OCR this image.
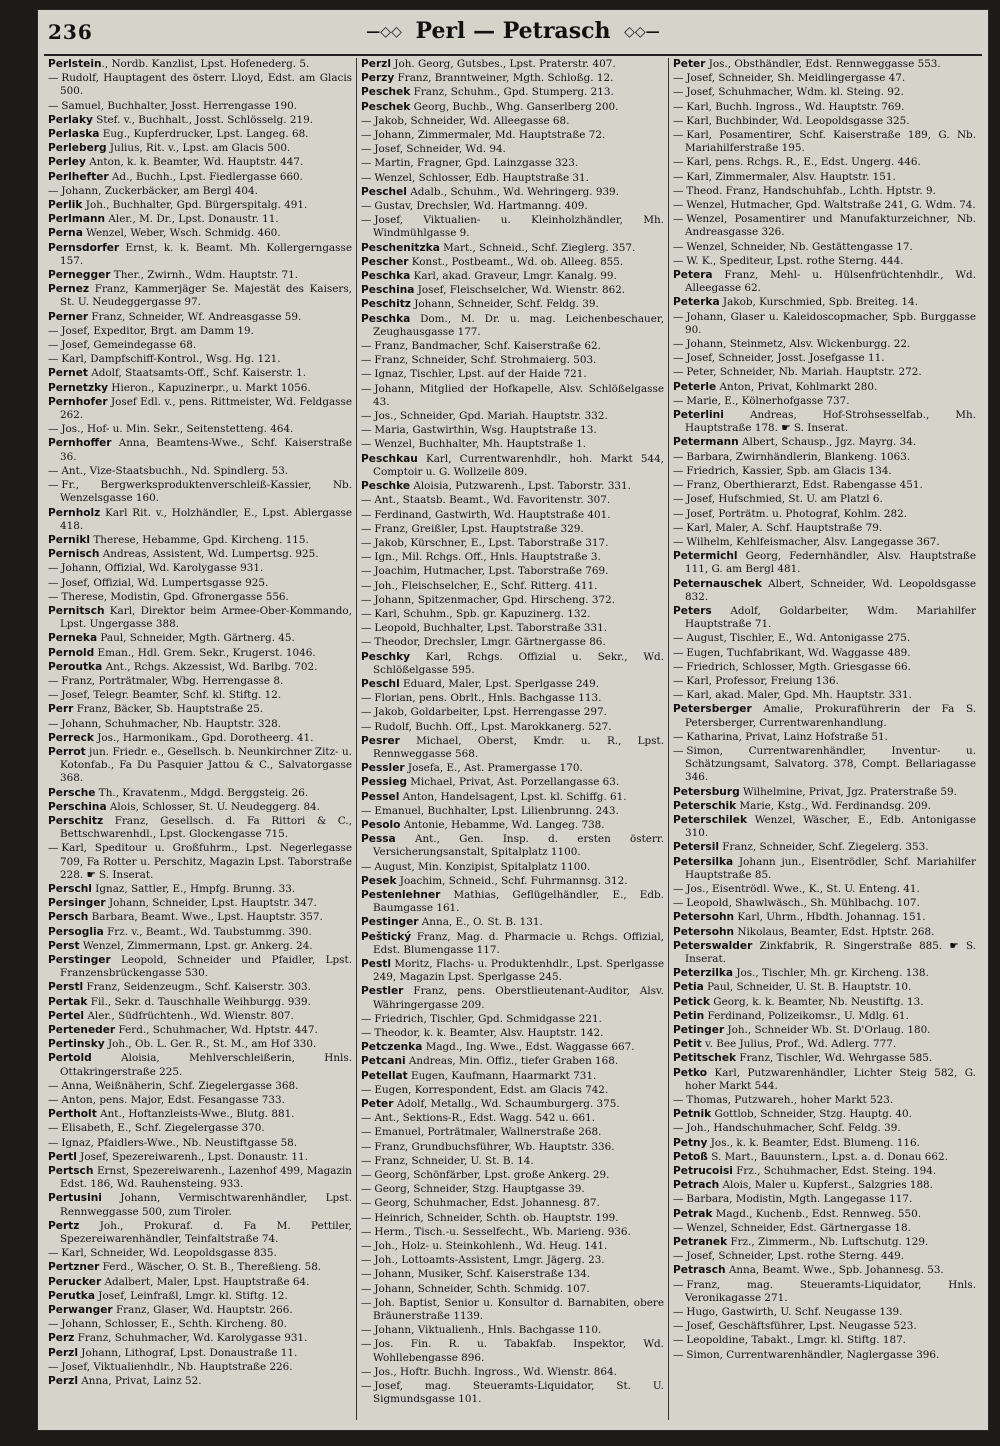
236	—◇◇ Perl — Petrasch ◇◇—
Perlstein., Nordb. Kanzlist, Lpst. Hofenederg. 5.
— Rudolf, Hauptagent des österr. Lloyd, Edst. am Glacis 500.
— Samuel, Buchhalter, Josst. Herrengasse 190.
Perlaky Stef. v., Buchhalt., Josst. Schlösselg. 219.
Perlaska Eug., Kupferdrucker, Lpst. Langeg. 68.
Perleberg Julius, Rit. v., Lpst. am Glacis 500.
Perley Anton, k. k. Beamter, Wd. Hauptstr. 447.
Perlhefter Ad., Buchh., Lpst. Fiedlergasse 660.
— Johann, Zuckerbäcker, am Bergl 404.
Perlik Joh., Buchhalter, Gpd. Bürgerspitalg. 491.
Perlmann Aler., M. Dr., Lpst. Donaustr. 11.
Perna Wenzel, Weber, Wsch. Schmidg. 460.
Pernsdorfer Ernst, k. k. Beamt. Mh. Kollergerngasse 157.
Pernegger Ther., Zwirnh., Wdm. Hauptstr. 71.
Pernez Franz, Kammerjäger Se. Majestät des Kaisers, St. U. Neudeggergasse 97.
Perner Franz, Schneider, Wf. Andreasgasse 59.
— Josef, Expeditor, Brgt. am Damm 19.
— Josef, Gemeindegasse 68.
— Karl, Dampfschiff-Kontrol., Wsg. Hg. 121.
Pernet Adolf, Staatsamts-Off., Schf. Kaiserstr. 1.
Pernetzky Hieron., Kapuzinerpr., u. Markt 1056.
Pernhofer Josef Edl. v., pens. Rittmeister, Wd. Feldgasse 262.
— Jos., Hof- u. Min. Sekr., Seitenstetteng. 464.
Pernhoffer Anna, Beamtens-Wwe., Schf. Kaiserstraße 36.
— Ant., Vize-Staatsbuchh., Nd. Spindlerg. 53.
— Fr., Bergwerksproduktenverschleiß-Kassier, Nb. Wenzelsgasse 160.
Pernholz Karl Rit. v., Holzhändler, E., Lpst. Ablergasse 418.
Pernikl Therese, Hebamme, Gpd. Kircheng. 115.
Pernisch Andreas, Assistent, Wd. Lumpertsg. 925.
— Johann, Offizial, Wd. Karolygasse 931.
— Josef, Offizial, Wd. Lumpertsgasse 925.
— Therese, Modistin, Gpd. Gfronergasse 556.
Pernitsch Karl, Direktor beim Armee-Ober-Kommando, Lpst. Ungergasse 388.
Perneka Paul, Schneider, Mgth. Gärtnerg. 45.
Pernold Eman., Hdl. Grem. Sekr., Krugerst. 1046.
Peroutka Ant., Rchgs. Akzessist, Wd. Barlbg. 702.
— Franz, Porträtmaler, Wbg. Herrengasse 8.
— Josef, Telegr. Beamter, Schf. kl. Stiftg. 12.
Perr Franz, Bäcker, Sb. Hauptstraße 25.
— Johann, Schuhmacher, Nb. Hauptstr. 328.
Perreck Jos., Harmonikam., Gpd. Dorotheerg. 41.
Perrot jun. Friedr. e., Gesellsch. b. Neunkirchner Zitz- u. Kotonfab., Fa Du Pasquier Jattou & C., Salvatorgasse 368.
Persche Th., Kravatenm., Mdgd. Berggsteig. 26.
Perschina Alois, Schlosser, St. U. Neudeggerg. 84.
Perschitz Franz, Gesellsch. d. Fa Rittori & C., Bettschwarenhdl., Lpst. Glockengasse 715.
— Karl, Speditour u. Großfuhrm., Lpst. Negerlegasse 709, Fa Rotter u. Perschitz, Magazin Lpst. Taborstraße 228. ☛ S. Inserat.
Perschl Ignaz, Sattler, E., Hmpfg. Brunng. 33.
Persinger Johann, Schneider, Lpst. Hauptstr. 347.
Persch Barbara, Beamt. Wwe., Lpst. Hauptstr. 357.
Persoglia Frz. v., Beamt., Wd. Taubstummg. 390.
Perst Wenzel, Zimmermann, Lpst. gr. Ankerg. 24.
Perstinger Leopold, Schneider und Pfaidler, Lpst. Franzensbrückengasse 530.
Perstl Franz, Seidenzeugm., Schf. Kaiserstr. 303.
Pertak Fil., Sekr. d. Tauschhalle Weihburgg. 939.
Pertel Aler., Südfrüchtenh., Wd. Wienstr. 807.
Perteneder Ferd., Schuhmacher, Wd. Hptstr. 447.
Pertinsky Joh., Ob. L. Ger. R., St. M., am Hof 330.
Pertold Aloisia, Mehlverschleißerin, Hnls. Ottakringerstraße 225.
— Anna, Weißnäherin, Schf. Ziegelergasse 368.
— Anton, pens. Major, Edst. Fesangasse 733.
Pertholt Ant., Hoftanzleists-Wwe., Blutg. 881.
— Elisabeth, E., Schf. Ziegelergasse 370.
— Ignaz, Pfaidlers-Wwe., Nb. Neustiftgasse 58.
Pertl Josef, Spezereiwarenh., Lpst. Donaustr. 11.
Pertsch Ernst, Spezereiwarenh., Lazenhof 499, Magazin Edst. 186, Wd. Rauhensteing. 933.
Pertusini Johann, Vermischtwarenhändler, Lpst. Rennweggasse 500, zum Tiroler.
Pertz Joh., Prokuraf. d. Fa M. Pettiler, Spezereiwarenhändler, Teinfaltstraße 74.
— Karl, Schneider, Wd. Leopoldsgasse 835.
Pertzner Ferd., Wäscher, O. St. B., Thereßieng. 58.
Perucker Adalbert, Maler, Lpst. Hauptstraße 64.
Perutka Josef, Leinfraßl, Lmgr. kl. Stiftg. 12.
Perwanger Franz, Glaser, Wd. Hauptstr. 266.
— Johann, Schlosser, E., Schth. Kircheng. 80.
Perz Franz, Schuhmacher, Wd. Karolygasse 931.
Perzl Johann, Lithograf, Lpst. Donaustraße 11.
— Josef, Viktualienhdlr., Nb. Hauptstraße 226.
Perzl Anna, Privat, Lainz 52.
Perzl Joh. Georg, Gutsbes., Lpst. Praterstr. 407.
Perzy Franz, Branntweiner, Mgth. Schloßg. 12.
Peschek Franz, Schuhm., Gpd. Stumperg. 213.
Peschek Georg, Buchb., Whg. Ganserlberg 200.
— Jakob, Schneider, Wd. Alleegasse 68.
— Johann, Zimmermaler, Md. Hauptstraße 72.
— Josef, Schneider, Wd. 94.
— Martin, Fragner, Gpd. Lainzgasse 323.
— Wenzel, Schlosser, Edb. Hauptstraße 31.
Peschel Adalb., Schuhm., Wd. Wehringerg. 939.
— Gustav, Drechsler, Wd. Hartmanng. 409.
— Josef, Viktualien- u. Kleinholzhändler, Mh. Windmühlgasse 9.
Peschenitzka Mart., Schneid., Schf. Zieglerg. 357.
Pescher Konst., Postbeamt., Wd. ob. Alleeg. 855.
Peschka Karl, akad. Graveur, Lmgr. Kanalg. 99.
Peschina Josef, Fleischselcher, Wd. Wienstr. 862.
Peschitz Johann, Schneider, Schf. Feldg. 39.
Peschka Dom., M. Dr. u. mag. Leichenbeschauer, Zeughausgasse 177.
— Franz, Bandmacher, Schf. Kaiserstraße 62.
— Franz, Schneider, Schf. Strohmaierg. 503.
— Ignaz, Tischler, Lpst. auf der Haide 721.
— Johann, Mitglied der Hofkapelle, Alsv. Schlößelgasse 43.
— Jos., Schneider, Gpd. Mariah. Hauptstr. 332.
— Maria, Gastwirthin, Wsg. Hauptstraße 13.
— Wenzel, Buchhalter, Mh. Hauptstraße 1.
Peschkau Karl, Currentwarenhdlr., hoh. Markt 544, Comptoir u. G. Wollzeile 809.
Peschke Aloisia, Putzwarenh., Lpst. Taborstr. 331.
— Ant., Staatsb. Beamt., Wd. Favoritenstr. 307.
— Ferdinand, Gastwirth, Wd. Hauptstraße 401.
— Franz, Greißler, Lpst. Hauptstraße 329.
— Jakob, Kürschner, E., Lpst. Taborstraße 317.
— Ign., Mil. Rchgs. Off., Hnls. Hauptstraße 3.
— Joachim, Hutmacher, Lpst. Taborstraße 769.
— Joh., Fleischselcher, E., Schf. Ritterg. 411.
— Johann, Spitzenmacher, Gpd. Hirscheng. 372.
— Karl, Schuhm., Spb. gr. Kapuzinerg. 132.
— Leopold, Buchhalter, Lpst. Taborstraße 331.
— Theodor, Drechsler, Lmgr. Gärtnergasse 86.
Peschky Karl, Rchgs. Offizial u. Sekr., Wd. Schlößelgasse 595.
Peschl Eduard, Maler, Lpst. Sperlgasse 249.
— Florian, pens. Obrlt., Hnls. Bachgasse 113.
— Jakob, Goldarbeiter, Lpst. Herrengasse 297.
— Rudolf, Buchh. Off., Lpst. Marokkanerg. 527.
Pesrer Michael, Oberst, Kmdr. u. R., Lpst. Rennweggasse 568.
Pessler Josefa, E., Ast. Pramergasse 170.
Pessieg Michael, Privat, Ast. Porzellangasse 63.
Pessel Anton, Handelsagent, Lpst. kl. Schiffg. 61.
— Emanuel, Buchhalter, Lpst. Lilienbrunng. 243.
Pesolo Antonie, Hebamme, Wd. Langeg. 738.
Pessa Ant., Gen. Insp. d. ersten österr. Versicherungsanstalt, Spitalplatz 1100.
— August, Min. Konzipist, Spitalplatz 1100.
Pesek Joachim, Schneid., Schf. Fuhrmannsg. 312.
Pestenlehner Mathias, Geflügelhändler, E., Edb. Baumgasse 161.
Pestinger Anna, E., O. St. B. 131.
Peštický Franz, Mag. d. Pharmacie u. Rchgs. Offizial, Edst. Blumengasse 117.
Pestl Moritz, Flachs- u. Produktenhdlr., Lpst. Sperlgasse 249, Magazin Lpst. Sperlgasse 245.
Pestler Franz, pens. Oberstlieutenant-Auditor, Alsv. Währingergasse 209.
— Friedrich, Tischler, Gpd. Schmidgasse 221.
— Theodor, k. k. Beamter, Alsv. Hauptstr. 142.
Petczenka Magd., Ing. Wwe., Edst. Waggasse 667.
Petcani Andreas, Min. Offiz., tiefer Graben 168.
Petellat Eugen, Kaufmann, Haarmarkt 731.
— Eugen, Korrespondent, Edst. am Glacis 742.
Peter Adolf, Metallg., Wd. Schaumburgerg. 375.
— Ant., Sektions-R., Edst. Wagg. 542 u. 661.
— Emanuel, Porträtmaler, Wallnerstraße 268.
— Franz, Grundbuchsführer, Wb. Hauptstr. 336.
— Franz, Schneider, U. St. B. 14.
— Georg, Schönfärber, Lpst. große Ankerg. 29.
— Georg, Schneider, Stzg. Hauptgasse 39.
— Georg, Schuhmacher, Edst. Johannesg. 87.
— Heinrich, Schneider, Schth. ob. Hauptstr. 199.
— Herm., Tisch.-u. Sesselfecht., Wb. Marieng. 936.
— Joh., Holz- u. Steinkohlenh., Wd. Heug. 141.
— Joh., Lottoamts-Assistent, Lmgr. Jägerg. 23.
— Johann, Musiker, Schf. Kaiserstraße 134.
— Johann, Schneider, Schth. Schmidg. 107.
— Joh. Baptist, Senior u. Konsultor d. Barnabiten, obere Bräunerstraße 1139.
— Johann, Viktualienh., Hnls. Bachgasse 110.
— Jos. Fin. R. u. Tabakfab. Inspektor, Wd. Wohllebengasse 896.
— Jos., Hoftr. Buchh. Ingross., Wd. Wienstr. 864.
— Josef, mag. Steueramts-Liquidator, St. U. Sigmundsgasse 101.
Peter Jos., Obsthändler, Edst. Rennweggasse 553.
— Josef, Schneider, Sh. Meidlingergasse 47.
— Josef, Schuhmacher, Wdm. kl. Steing. 92.
— Karl, Buchh. Ingross., Wd. Hauptstr. 769.
— Karl, Buchbinder, Wd. Leopoldsgasse 325.
— Karl, Posamentirer, Schf. Kaiserstraße 189, G. Nb. Mariahilferstraße 195.
— Karl, pens. Rchgs. R., E., Edst. Ungerg. 446.
— Karl, Zimmermaler, Alsv. Hauptstr. 151.
— Theod. Franz, Handschuhfab., Lchth. Hptstr. 9.
— Wenzel, Hutmacher, Gpd. Waltstraße 241, G. Wdm. 74.
— Wenzel, Posamentirer und Manufakturzeichner, Nb. Andreasgasse 326.
— Wenzel, Schneider, Nb. Gestättengasse 17.
— W. K., Spediteur, Lpst. rothe Sterng. 444.
Petera Franz, Mehl- u. Hülsenfrüchtenhdlr., Wd. Alleegasse 62.
Peterka Jakob, Kurschmied, Spb. Breiteg. 14.
— Johann, Glaser u. Kaleidoscopmacher, Spb. Burggasse 90.
— Johann, Steinmetz, Alsv. Wickenburgg. 22.
— Josef, Schneider, Josst. Josefgasse 11.
— Peter, Schneider, Nb. Mariah. Hauptstr. 272.
Peterle Anton, Privat, Kohlmarkt 280.
— Marie, E., Kölnerhofgasse 737.
Peterlini Andreas, Hof-Strohsesselfab., Mh. Hauptstraße 178. ☛ S. Inserat.
Petermann Albert, Schausp., Jgz. Mayrg. 34.
— Barbara, Zwirnhändlerin, Blankeng. 1063.
— Friedrich, Kassier, Spb. am Glacis 134.
— Franz, Oberthierarzt, Edst. Rabengasse 451.
— Josef, Hufschmied, St. U. am Platzl 6.
— Josef, Porträtm. u. Photograf, Kohlm. 282.
— Karl, Maler, A. Schf. Hauptstraße 79.
— Wilhelm, Kehlfeismacher, Alsv. Langegasse 367.
Petermichl Georg, Federnhändler, Alsv. Hauptstraße 111, G. am Bergl 481.
Peternauschek Albert, Schneider, Wd. Leopoldsgasse 832.
Peters Adolf, Goldarbeiter, Wdm. Mariahilfer Hauptstraße 71.
— August, Tischler, E., Wd. Antonigasse 275.
— Eugen, Tuchfabrikant, Wd. Waggasse 489.
— Friedrich, Schlosser, Mgth. Griesgasse 66.
— Karl, Professor, Freiung 136.
— Karl, akad. Maler, Gpd. Mh. Hauptstr. 331.
Petersberger Amalie, Prokuraführerin der Fa S. Petersberger, Currentwarenhandlung.
— Katharina, Privat, Lainz Hofstraße 51.
— Simon, Currentwarenhändler, Inventur- u. Schätzungsamt, Salvatorg. 378, Compt. Bellariagasse 346.
Petersburg Wilhelmine, Privat, Jgz. Praterstraße 59.
Peterschik Marie, Kstg., Wd. Ferdinandsg. 209.
Peterschilek Wenzel, Wäscher, E., Edb. Antonigasse 310.
Petersil Franz, Schneider, Schf. Ziegelerg. 353.
Petersilka Johann jun., Eisentrödler, Schf. Mariahilfer Hauptstraße 85.
— Jos., Eisentrödl. Wwe., K., St. U. Enteng. 41.
— Leopold, Shawlwäsch., Sh. Mühlbachg. 107.
Petersohn Karl, Uhrm., Hbdth. Johannag. 151.
Petersohn Nikolaus, Beamter, Edst. Hptstr. 268.
Peterswalder Zinkfabrik, R. Singerstraße 885. ☛ S. Inserat.
Peterzilka Jos., Tischler, Mh. gr. Kircheng. 138.
Petia Paul, Schneider, U. St. B. Hauptstr. 10.
Petick Georg, k. k. Beamter, Nb. Neustiftg. 13.
Petin Ferdinand, Polizeikomsr., U. Mdlg. 61.
Petinger Joh., Schneider Wb. St. D'Orlaug. 180.
Petit v. Bee Julius, Prof., Wd. Adlerg. 777.
Petitschek Franz, Tischler, Wd. Wehrgasse 585.
Petko Karl, Putzwarenhändler, Lichter Steig 582, G. hoher Markt 544.
— Thomas, Putzwareh., hoher Markt 523.
Petnik Gottlob, Schneider, Stzg. Hauptg. 40.
— Joh., Handschuhmacher, Schf. Feldg. 39.
Petny Jos., k. k. Beamter, Edst. Blumeng. 116.
Petoß S. Mart., Bauunstern., Lpst. a. d. Donau 662.
Petrucoisi Frz., Schuhmacher, Edst. Steing. 194.
Petrach Alois, Maler u. Kupferst., Salzgries 188.
— Barbara, Modistin, Mgth. Langegasse 117.
Petrak Magd., Kuchenb., Edst. Rennweg. 550.
— Wenzel, Schneider, Edst. Gärtnergasse 18.
Petranek Frz., Zimmerm., Nb. Luftschutg. 129.
— Josef, Schneider, Lpst. rothe Sterng. 449.
Petrasch Anna, Beamt. Wwe., Spb. Johannesg. 53.
— Franz, mag. Steueramts-Liquidator, Hnls. Veronikagasse 271.
— Hugo, Gastwirth, U. Schf. Neugasse 139.
— Josef, Geschäftsführer, Lpst. Neugasse 523.
— Leopoldine, Tabakt., Lmgr. kl. Stiftg. 187.
— Simon, Currentwarenhändler, Naglergasse 396.
